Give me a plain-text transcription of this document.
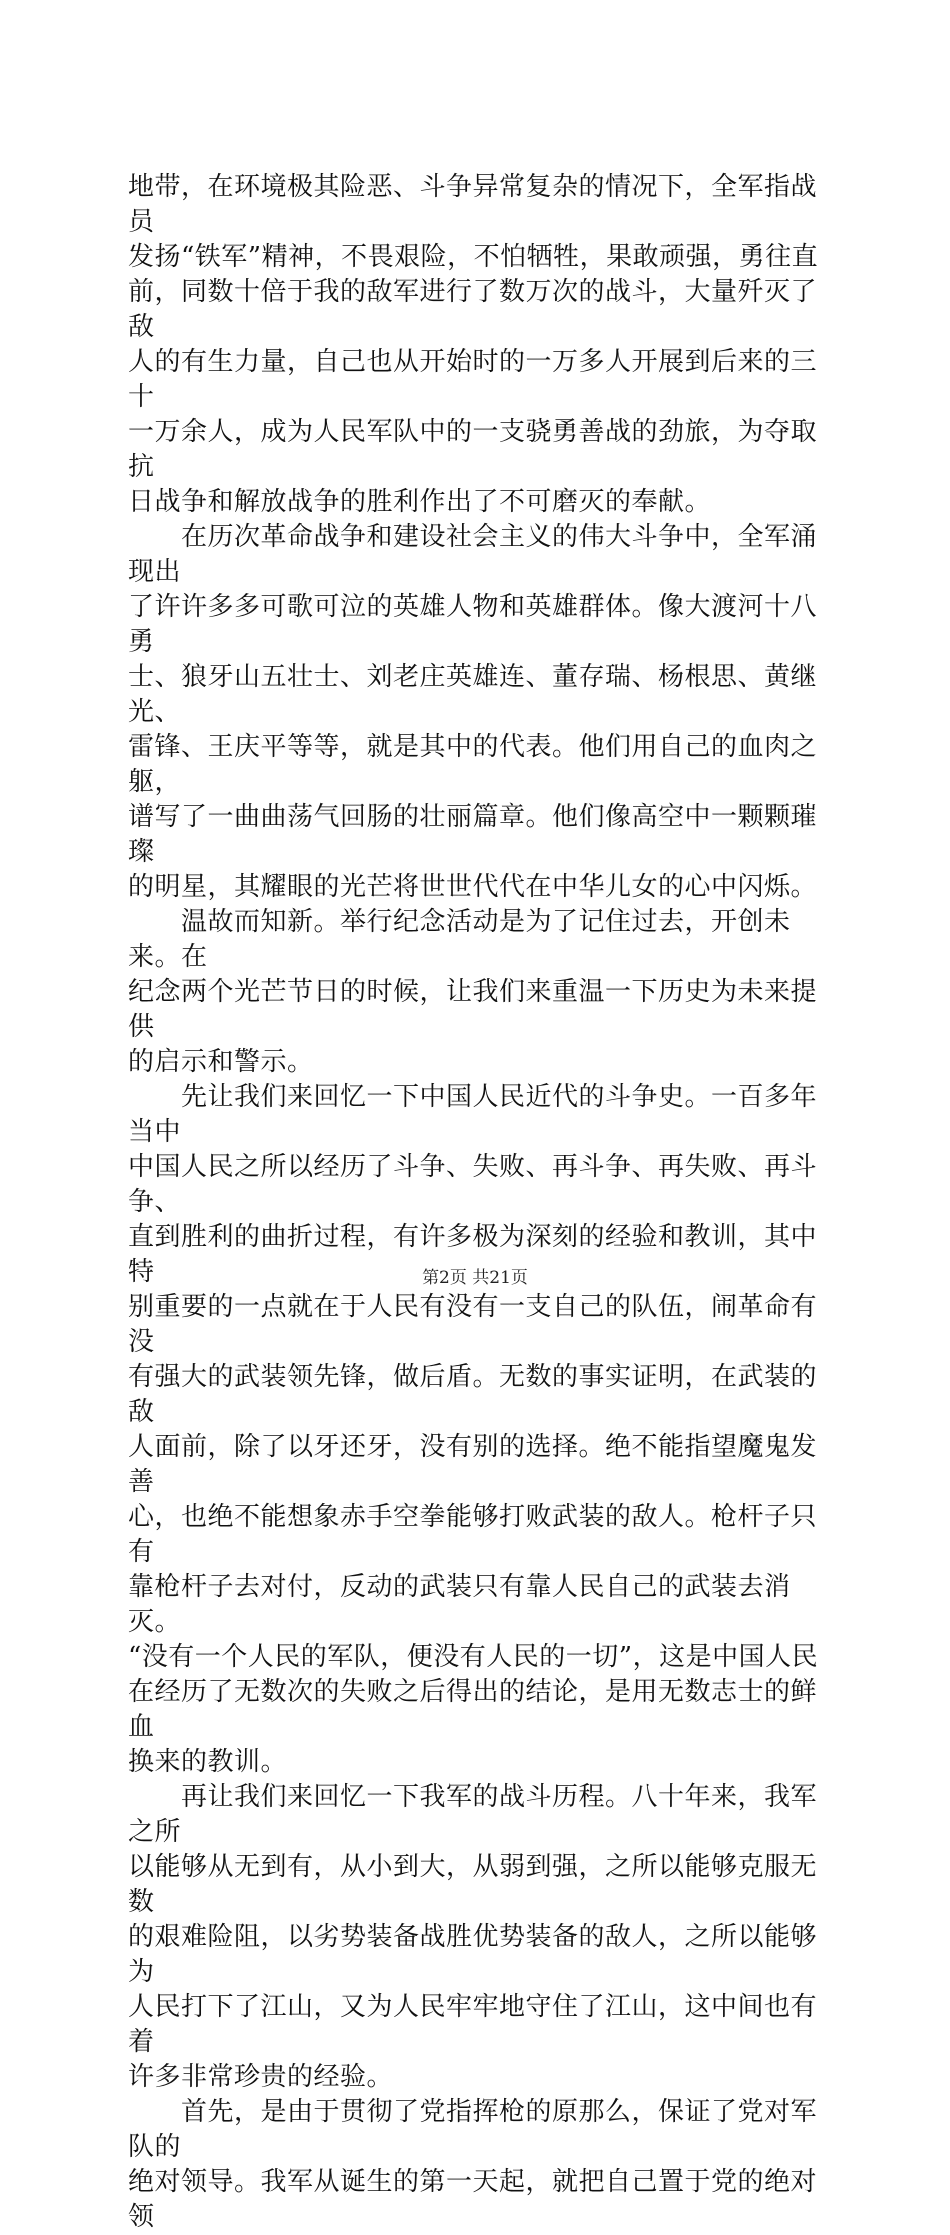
地带，在环境极其险恶、斗争异常复杂的情况下，全军指战员
发扬“铁军”精神，不畏艰险，不怕牺牲，果敢顽强，勇往直
前，同数十倍于我的敌军进行了数万次的战斗，大量歼灭了敌
人的有生力量，自己也从开始时的一万多人开展到后来的三十
一万余人，成为人民军队中的一支骁勇善战的劲旅，为夺取抗
日战争和解放战争的胜利作出了不可磨灭的奉献。

　　在历次革命战争和建设社会主义的伟大斗争中，全军涌现出
了许许多多可歌可泣的英雄人物和英雄群体。像大渡河十八勇
士、狼牙山五壮士、刘老庄英雄连、董存瑞、杨根思、黄继光、
雷锋、王庆平等等，就是其中的代表。他们用自己的血肉之躯，
谱写了一曲曲荡气回肠的壮丽篇章。他们像高空中一颗颗璀璨
的明星，其耀眼的光芒将世世代代在中华儿女的心中闪烁。

　　温故而知新。举行纪念活动是为了记住过去，开创未来。在
纪念两个光芒节日的时候，让我们来重温一下历史为未来提供
的启示和警示。

　　先让我们来回忆一下中国人民近代的斗争史。一百多年当中
中国人民之所以经历了斗争、失败、再斗争、再失败、再斗争、
直到胜利的曲折过程，有许多极为深刻的经验和教训，其中特
别重要的一点就在于人民有没有一支自己的队伍，闹革命有没
有强大的武装领先锋，做后盾。无数的事实证明，在武装的敌
人面前，除了以牙还牙，没有别的选择。绝不能指望魔鬼发善
心，也绝不能想象赤手空拳能够打败武装的敌人。枪杆子只有
靠枪杆子去对付，反动的武装只有靠人民自己的武装去消灭。
“没有一个人民的军队，便没有人民的一切”，这是中国人民
在经历了无数次的失败之后得出的结论，是用无数志士的鲜血
换来的教训。

　　再让我们来回忆一下我军的战斗历程。八十年来，我军之所
以能够从无到有，从小到大，从弱到强，之所以能够克服无数
的艰难险阻，以劣势装备战胜优势装备的敌人，之所以能够为
人民打下了江山，又为人民牢牢地守住了江山，这中间也有着
许多非常珍贵的经验。

　　首先，是由于贯彻了党指挥枪的原那么，保证了党对军队的
绝对领导。我军从诞生的第一天起，就把自己置于党的绝对领

第2页 共21页
